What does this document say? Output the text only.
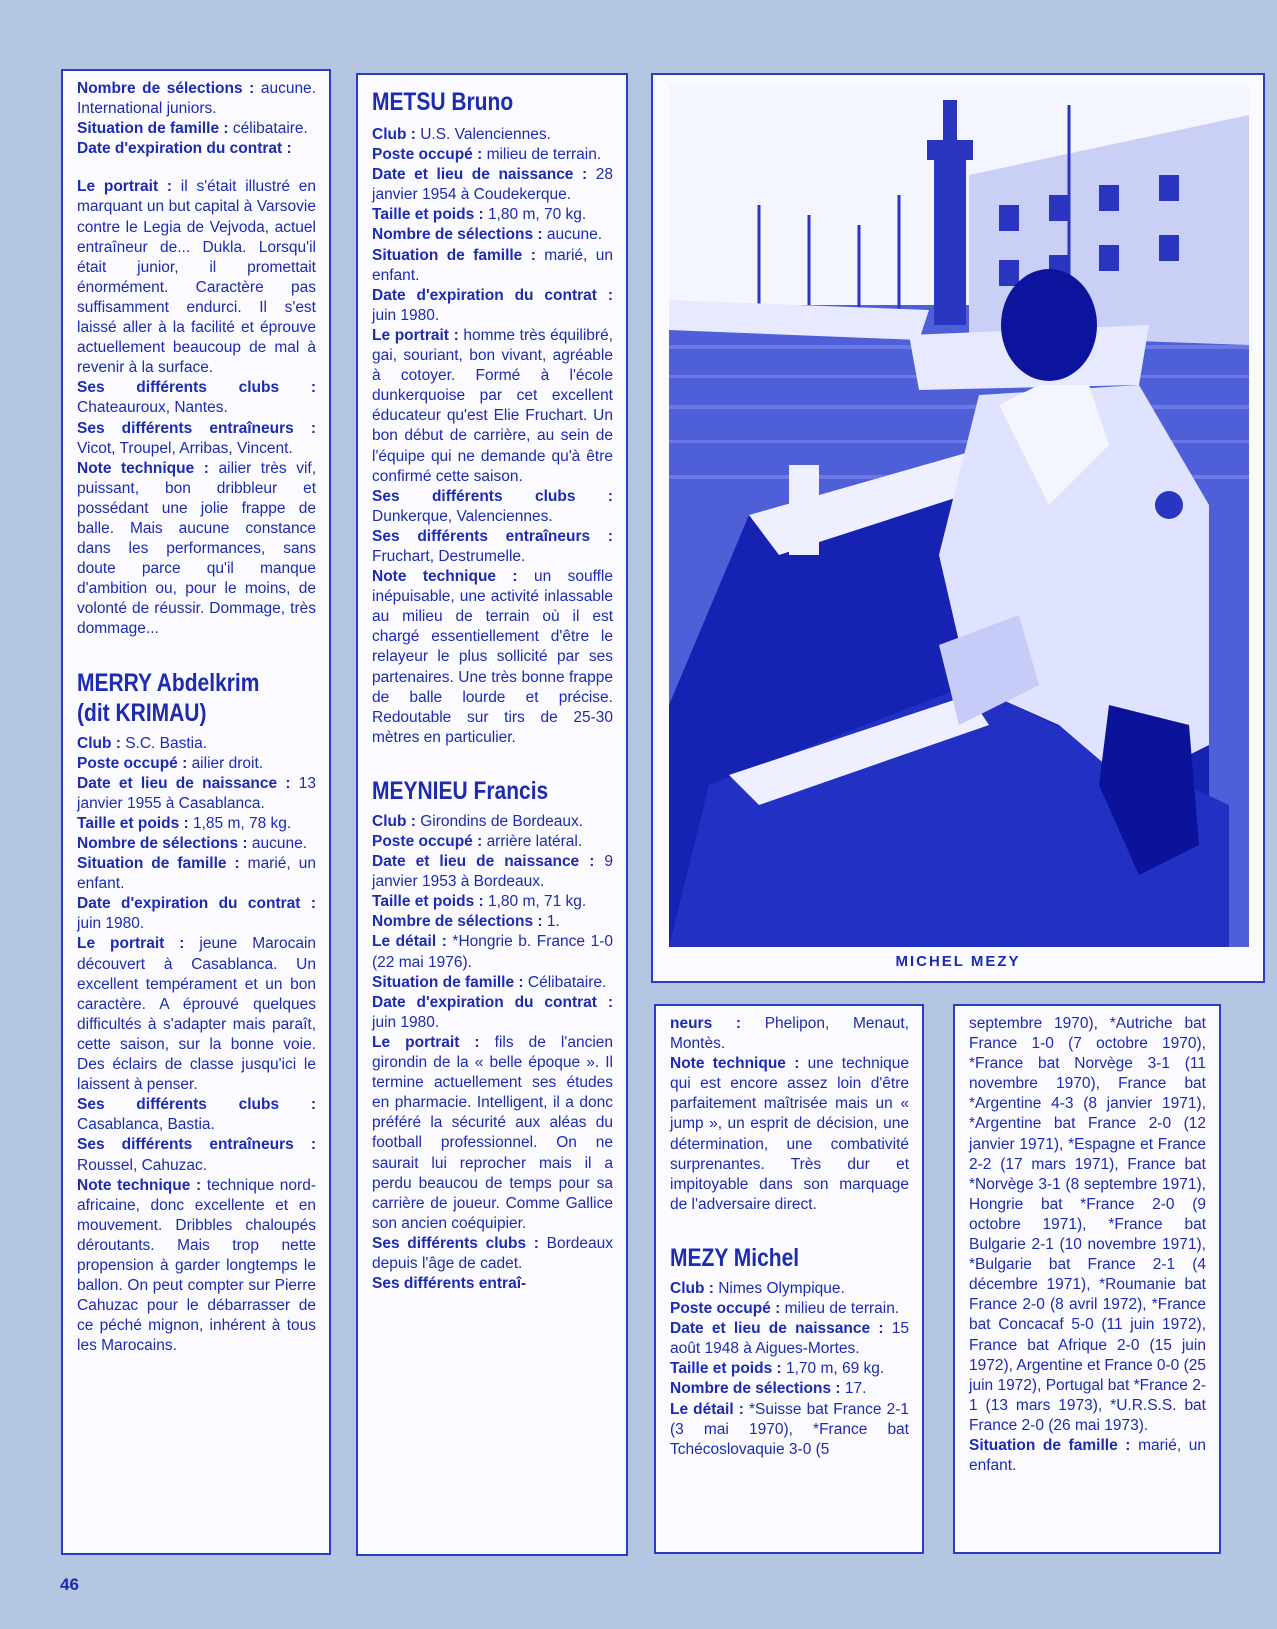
Nombre de sélections : aucune. International juniors.

Situation de famille : célibataire.

Date d'expiration du contrat :

Le portrait : il s'était illustré en marquant un but capital à Varsovie contre le Legia de Vejvoda, actuel entraîneur de... Dukla. Lorsqu'il était junior, il promettait énormément. Caractère pas suffisamment endurci. Il s'est laissé aller à la facilité et éprouve actuellement beaucoup de mal à revenir à la surface.

Ses différents clubs : Chateauroux, Nantes.

Ses différents entraîneurs : Vicot, Troupel, Arribas, Vincent.

Note technique : ailier très vif, puissant, bon dribbleur et possédant une jolie frappe de balle. Mais aucune constance dans les performances, sans doute parce qu'il manque d'ambition ou, pour le moins, de volonté de réussir. Dommage, très dommage...

MERRY Abdelkrim
(dit KRIMAU)

Club : S.C. Bastia.

Poste occupé : ailier droit.

Date et lieu de naissance : 13 janvier 1955 à Casablanca.

Taille et poids : 1,85 m, 78 kg.

Nombre de sélections : aucune.

Situation de famille : marié, un enfant.

Date d'expiration du contrat : juin 1980.

Le portrait : jeune Marocain découvert à Casablanca. Un excellent tempérament et un bon caractère. A éprouvé quelques difficultés à s'adapter mais paraît, cette saison, sur la bonne voie. Des éclairs de classe jusqu'ici le laissent à penser.

Ses différents clubs : Casablanca, Bastia.

Ses différents entraîneurs : Roussel, Cahuzac.

Note technique : technique nord-africaine, donc excellente et en mouvement. Dribbles chaloupés déroutants. Mais trop nette propension à garder longtemps le ballon. On peut compter sur Pierre Cahuzac pour le débarrasser de ce péché mignon, inhérent à tous les Marocains.

METSU Bruno

Club : U.S. Valenciennes.

Poste occupé : milieu de terrain.

Date et lieu de naissance : 28 janvier 1954 à Coudekerque.

Taille et poids : 1,80 m, 70 kg.

Nombre de sélections : aucune.

Situation de famille : marié, un enfant.

Date d'expiration du contrat : juin 1980.

Le portrait : homme très équilibré, gai, souriant, bon vivant, agréable à cotoyer. Formé à l'école dunkerquoise par cet excellent éducateur qu'est Elie Fruchart. Un bon début de carrière, au sein de l'équipe qui ne demande qu'à être confirmé cette saison.

Ses différents clubs : Dunkerque, Valenciennes.

Ses différents entraîneurs : Fruchart, Destrumelle.

Note technique : un souffle inépuisable, une activité inlassable au milieu de terrain où il est chargé essentiellement d'être le relayeur le plus sollicité par ses partenaires. Une très bonne frappe de balle lourde et précise. Redoutable sur tirs de 25-30 mètres en particulier.

MEYNIEU Francis

Club : Girondins de Bordeaux.

Poste occupé : arrière latéral.

Date et lieu de naissance : 9 janvier 1953 à Bordeaux.

Taille et poids : 1,80 m, 71 kg.

Nombre de sélections : 1.

Le détail : *Hongrie b. France 1-0 (22 mai 1976).

Situation de famille : Célibataire.

Date d'expiration du contrat : juin 1980.

Le portrait : fils de l'ancien girondin de la « belle époque ». Il termine actuellement ses études en pharmacie. Intelligent, il a donc préféré la sécurité aux aléas du football professionnel. On ne saurait lui reprocher mais il a perdu beaucou de temps pour sa carrière de joueur. Comme Gallice son ancien coéquipier.

Ses différents clubs : Bordeaux depuis l'âge de cadet.

Ses différents entraî-

MICHEL MEZY

neurs : Phelipon, Menaut, Montès.

Note technique : une technique qui est encore assez loin d'être parfaitement maîtrisée mais un « jump », un esprit de décision, une détermination, une combativité surprenantes. Très dur et impitoyable dans son marquage de l'adversaire direct.

MEZY Michel

Club : Nimes Olympique.

Poste occupé : milieu de terrain.

Date et lieu de naissance : 15 août 1948 à Aigues-Mortes.

Taille et poids : 1,70 m, 69 kg.

Nombre de sélections : 17.

Le détail : *Suisse bat France 2-1 (3 mai 1970), *France bat Tchécoslovaquie 3-0 (5

septembre 1970), *Autriche bat France 1-0 (7 octobre 1970), *France bat Norvège 3-1 (11 novembre 1970), France bat *Argentine 4-3 (8 janvier 1971), *Argentine bat France 2-0 (12 janvier 1971), *Espagne et France 2-2 (17 mars 1971), France bat *Norvège 3-1 (8 septembre 1971), Hongrie bat *France 2-0 (9 octobre 1971), *France bat Bulgarie 2-1 (10 novembre 1971), *Bulgarie bat France 2-1 (4 décembre 1971), *Roumanie bat France 2-0 (8 avril 1972), *France bat Concacaf 5-0 (11 juin 1972), France bat Afrique 2-0 (15 juin 1972), Argentine et France 0-0 (25 juin 1972), Portugal bat *France 2-1 (13 mars 1973), *U.R.S.S. bat France 2-0 (26 mai 1973).

Situation de famille : marié, un enfant.

46
